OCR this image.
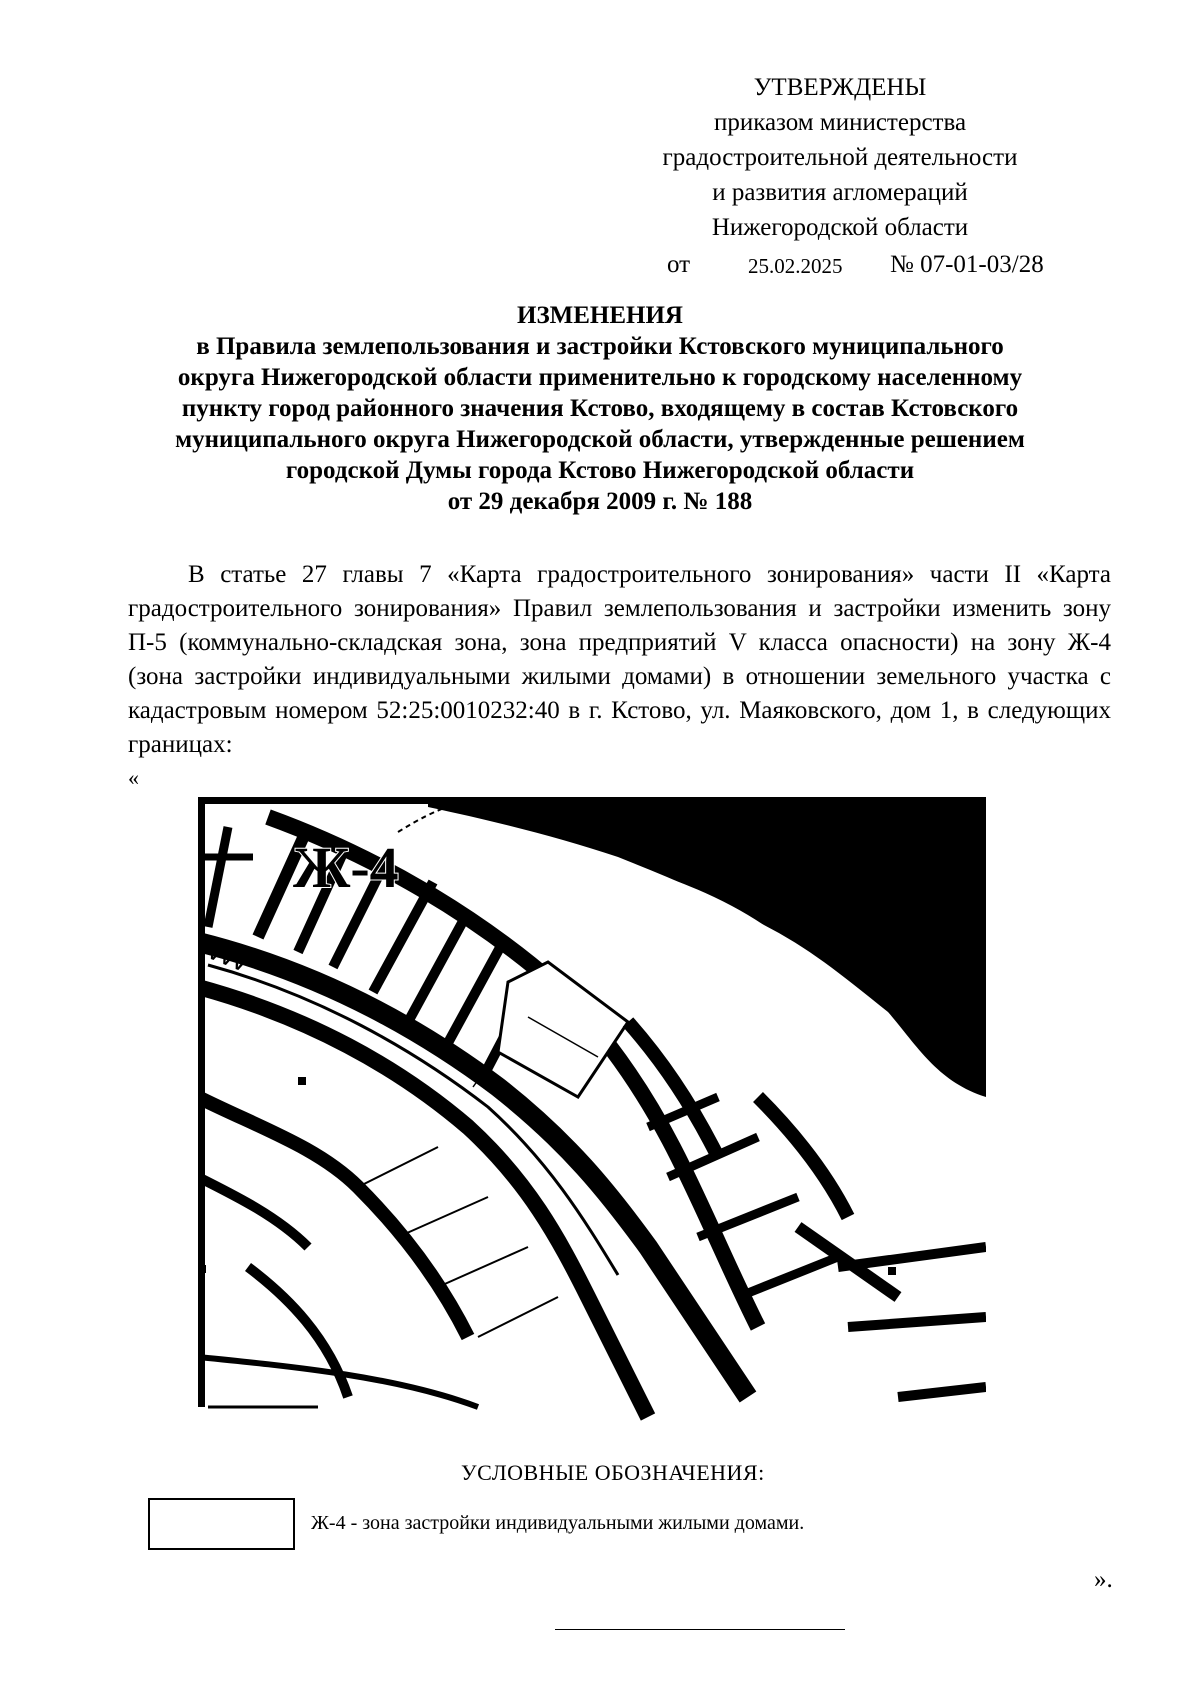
УТВЕРЖДЕНЫ
приказом министерства
градостроительной деятельности
и развития агломераций
Нижегородской области
от	25.02.2025 № 07-01-03/28
ИЗМЕНЕНИЯ
в Правила землепользования и застройки Кстовского муниципального
округа Нижегородской области применительно к городскому населенному
пункту город районного значения Кстово, входящему в состав Кстовского
муниципального округа Нижегородской области, утвержденные решением
городской Думы города Кстово Нижегородской области
от 29 декабря 2009 г. № 188

В статье 27 главы 7 «Карта градостроительного зонирования» части II «Карта градостроительного зонирования» Правил землепользования и застройки изменить зону П-5 (коммунально-складская зона, зона предприятий V класса опасности) на зону Ж-4 (зона застройки индивидуальными жилыми домами) в отношении земельного участка с кадастровым номером 52:25:0010232:40 в г. Кстово, ул. Маяковского, дом 1, в следующих границах:

«
Ж-4
VVV
УСЛОВНЫЕ ОБОЗНАЧЕНИЯ:
Ж-4 - зона застройки индивидуальными жилыми домами.
».
